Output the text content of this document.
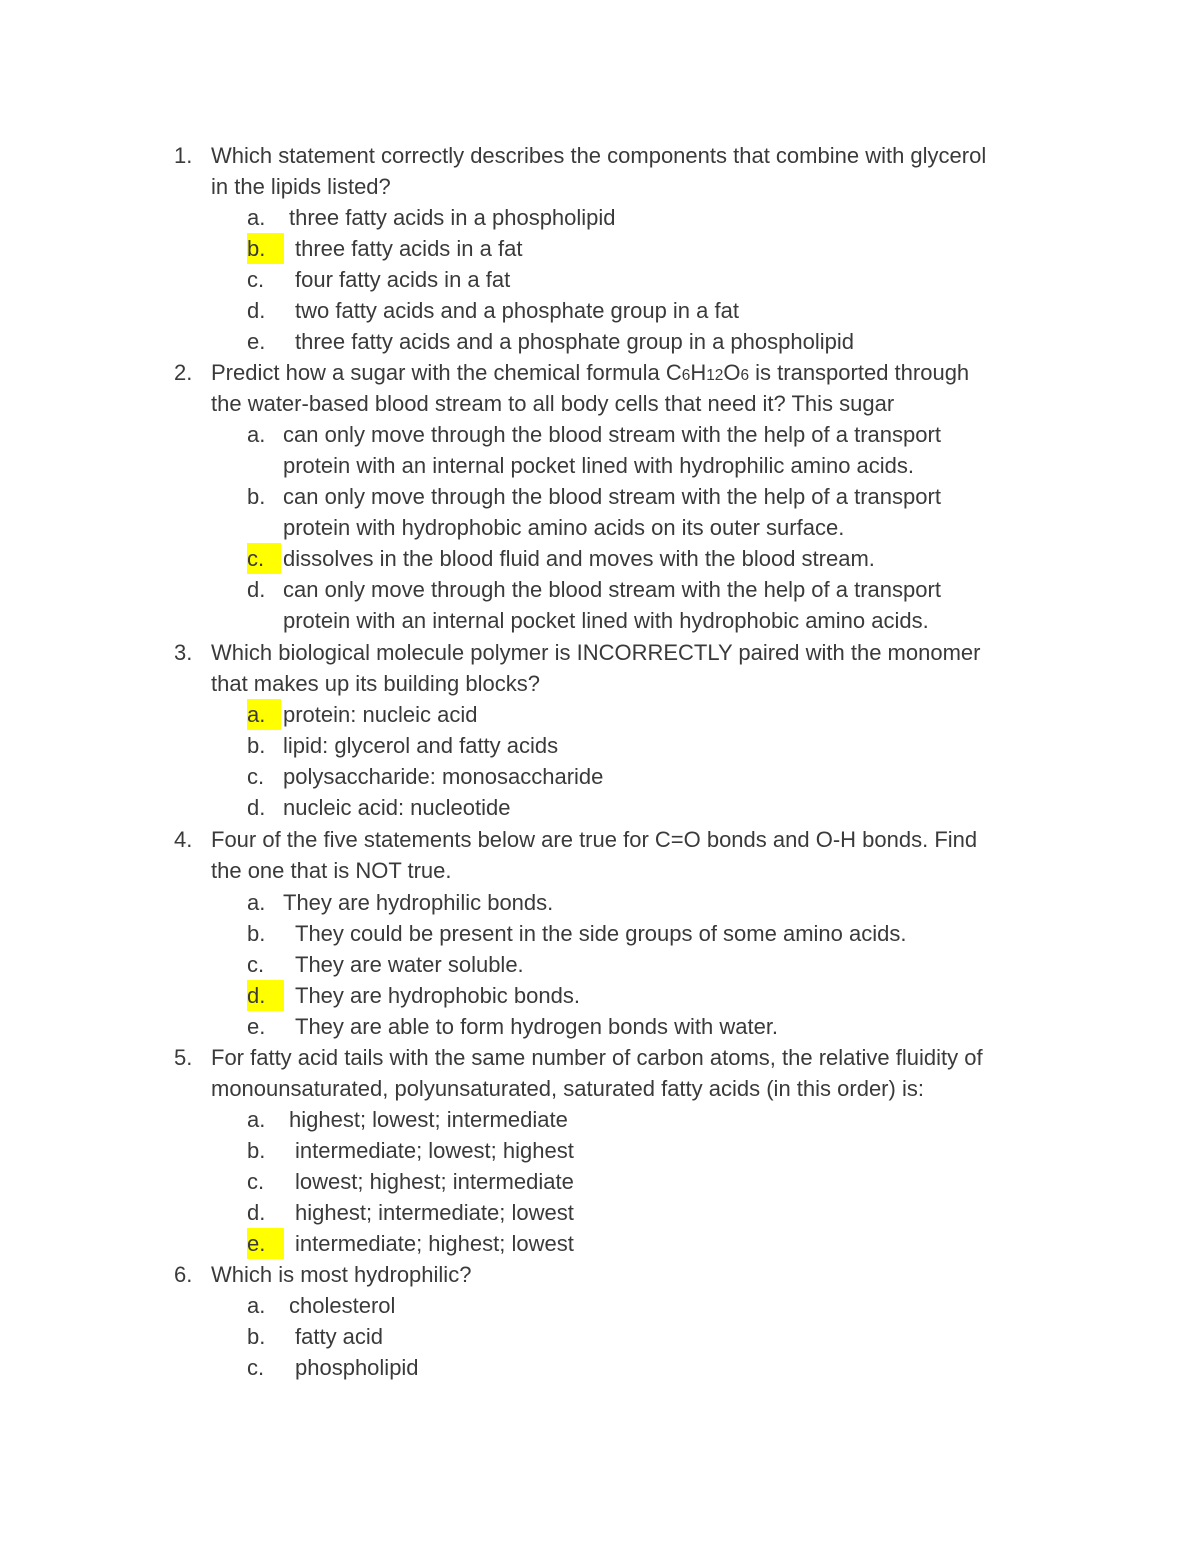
1. Which statement correctly describes the components that combine with glycerol
in the lipids listed?
a. three fatty acids in a phospholipid
b.	three fatty acids in a fat
c. four fatty acids in a fat
d. two fatty acids and a phosphate group in a fat
e. three fatty acids and a phosphate group in a phospholipid
2. Predict how a sugar with the chemical formula C6H12O6 is transported through
the water-based blood stream to all body cells that need it? This sugar
a. can only move through the blood stream with the help of a transport
protein with an internal pocket lined with hydrophilic amino acids.
b. can only move through the blood stream with the help of a transport
protein with hydrophobic amino acids on its outer surface.
c. dissolves in the blood fluid and moves with the blood stream.
d. can only move through the blood stream with the help of a transport
protein with an internal pocket lined with hydrophobic amino acids.
3. Which biological molecule polymer is INCORRECTLY paired with the monomer
that makes up its building blocks?
a. protein: nucleic acid
b. lipid: glycerol and fatty acids
c. polysaccharide: monosaccharide
d. nucleic acid: nucleotide
4. Four of the five statements below are true for C=O bonds and O-H bonds. Find
the one that is NOT true.
a. They are hydrophilic bonds.
b. They could be present in the side groups of some amino acids.
c. They are water soluble.
d.	They are hydrophobic bonds.
e. They are able to form hydrogen bonds with water.
5. For fatty acid tails with the same number of carbon atoms, the relative fluidity of
monounsaturated, polyunsaturated, saturated fatty acids (in this order) is:
a. highest; lowest; intermediate
b. intermediate; lowest; highest
c. lowest; highest; intermediate
d. highest; intermediate; lowest
e.	intermediate; highest; lowest
6. Which is most hydrophilic?
a. cholesterol
b. fatty acid
c. phospholipid
